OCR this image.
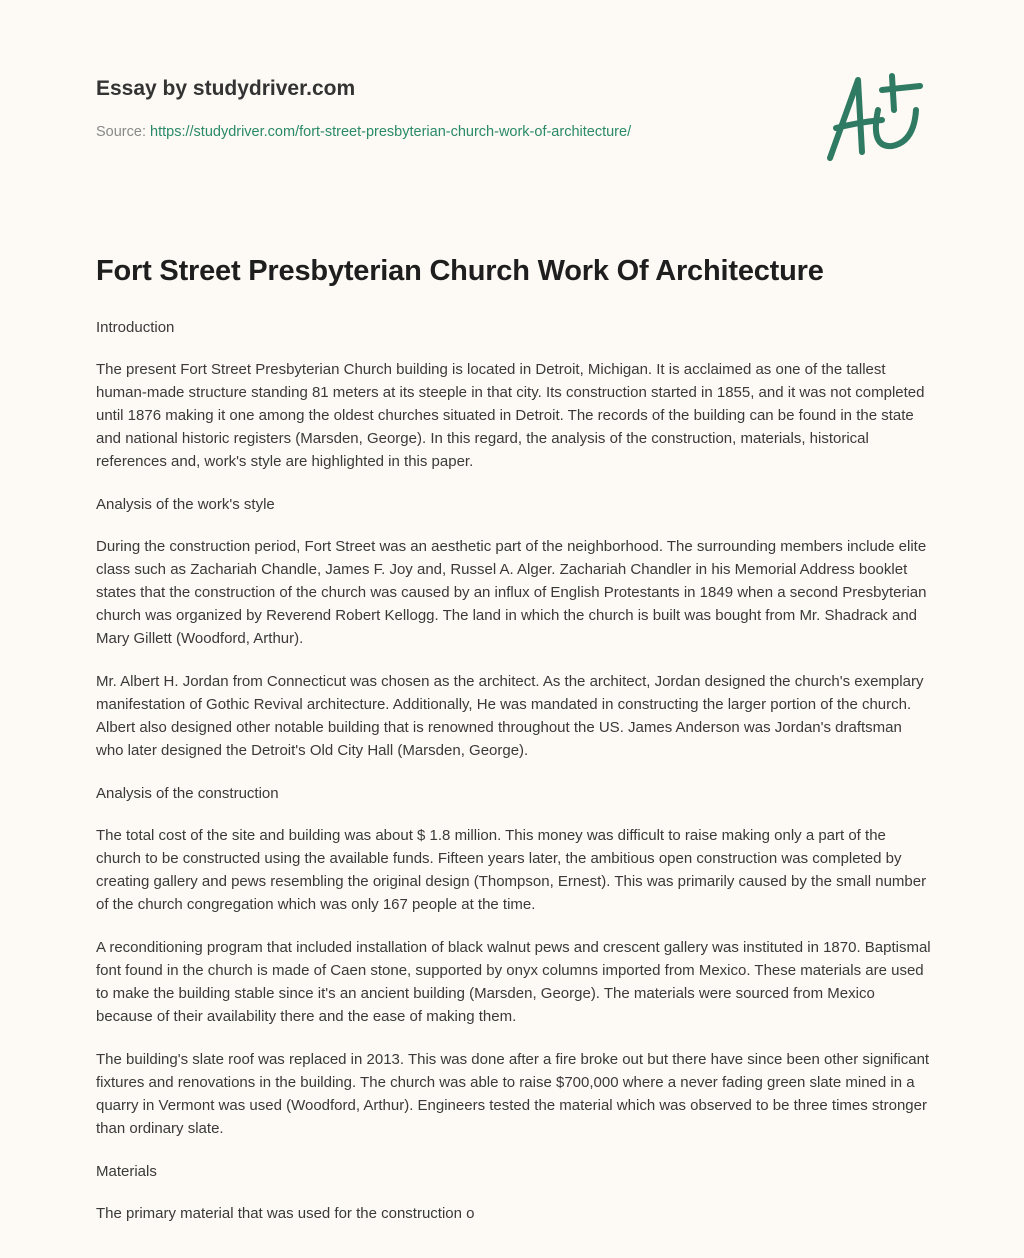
Essay by studydriver.com
Source: https://studydriver.com/fort-street-presbyterian-church-work-of-architecture/
Fort Street Presbyterian Church Work Of Architecture

Introduction

The present Fort Street Presbyterian Church building is located in Detroit, Michigan. It is acclaimed as one of the tallest human-made structure standing 81 meters at its steeple in that city. Its construction started in 1855, and it was not completed until 1876 making it one among the oldest churches situated in Detroit. The records of the building can be found in the state and national historic registers (Marsden, George). In this regard, the analysis of the construction, materials, historical references and, work's style are highlighted in this paper.

Analysis of the work's style

During the construction period, Fort Street was an aesthetic part of the neighborhood. The surrounding members include elite class such as Zachariah Chandle, James F. Joy and, Russel A. Alger. Zachariah Chandler in his Memorial Address booklet states that the construction of the church was caused by an influx of English Protestants in 1849 when a second Presbyterian church was organized by Reverend Robert Kellogg. The land in which the church is built was bought from Mr. Shadrack and Mary Gillett (Woodford, Arthur).

Mr. Albert H. Jordan from Connecticut was chosen as the architect. As the architect, Jordan designed the church's exemplary manifestation of Gothic Revival architecture. Additionally, He was mandated in constructing the larger portion of the church. Albert also designed other notable building that is renowned throughout the US. James Anderson was Jordan's draftsman who later designed the Detroit's Old City Hall (Marsden, George).

Analysis of the construction

The total cost of the site and building was about $ 1.8 million. This money was difficult to raise making only a part of the church to be constructed using the available funds. Fifteen years later, the ambitious open construction was completed by creating gallery and pews resembling the original design (Thompson, Ernest). This was primarily caused by the small number of the church congregation which was only 167 people at the time.

A reconditioning program that included installation of black walnut pews and crescent gallery was instituted in 1870. Baptismal font found in the church is made of Caen stone, supported by onyx columns imported from Mexico. These materials are used to make the building stable since it's an ancient building (Marsden, George). The materials were sourced from Mexico because of their availability there and the ease of making them.

The building's slate roof was replaced in 2013. This was done after a fire broke out but there have since been other significant fixtures and renovations in the building. The church was able to raise $700,000 where a never fading green slate mined in a quarry in Vermont was used (Woodford, Arthur). Engineers tested the material which was observed to be three times stronger than ordinary slate.

Materials

The primary material that was used for the construction o
